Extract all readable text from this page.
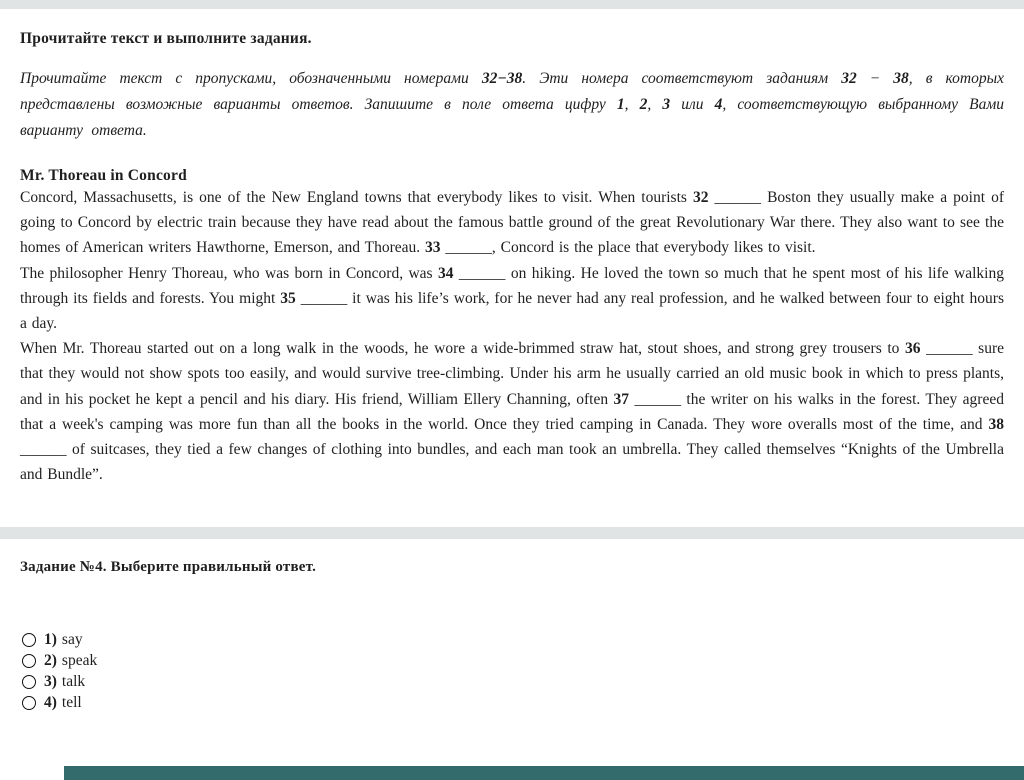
Прочитайте текст и выполните задания.

Прочитайте текст с пропусками, обозначенными номерами 32−38. Эти номера соответствуют заданиям 32 − 38, в которых представлены возможные варианты ответов. Запишите в поле ответа цифру 1, 2, 3 или 4, соответствующую выбранному Вами варианту ответа.

Mr. Thoreau in Concord

Concord, Massachusetts, is one of the New England towns that everybody likes to visit. When tourists 32 ______ Boston they usually make a point of going to Concord by electric train because they have read about the famous battle ground of the great Revolutionary War there. They also want to see the homes of American writers Hawthorne, Emerson, and Thoreau. 33 ______, Concord is the place that everybody likes to visit.

The philosopher Henry Thoreau, who was born in Concord, was 34 ______ on hiking. He loved the town so much that he spent most of his life walking through its fields and forests. You might 35 ______ it was his life’s work, for he never had any real profession, and he walked between four to eight hours a day.

When Mr. Thoreau started out on a long walk in the woods, he wore a wide-brimmed straw hat, stout shoes, and strong grey trousers to 36 ______ sure that they would not show spots too easily, and would survive tree-climbing. Under his arm he usually carried an old music book in which to press plants, and in his pocket he kept a pencil and his diary. His friend, William Ellery Channing, often 37 ______ the writer on his walks in the forest. They agreed that a week's camping was more fun than all the books in the world. Once they tried camping in Canada. They wore overalls most of the time, and 38 ______ of suitcases, they tied a few changes of clothing into bundles, and each man took an umbrella. They called themselves “Knights of the Umbrella and Bundle”.

Задание №4. Выберите правильный ответ.
1) say
2) speak
3) talk
4) tell
